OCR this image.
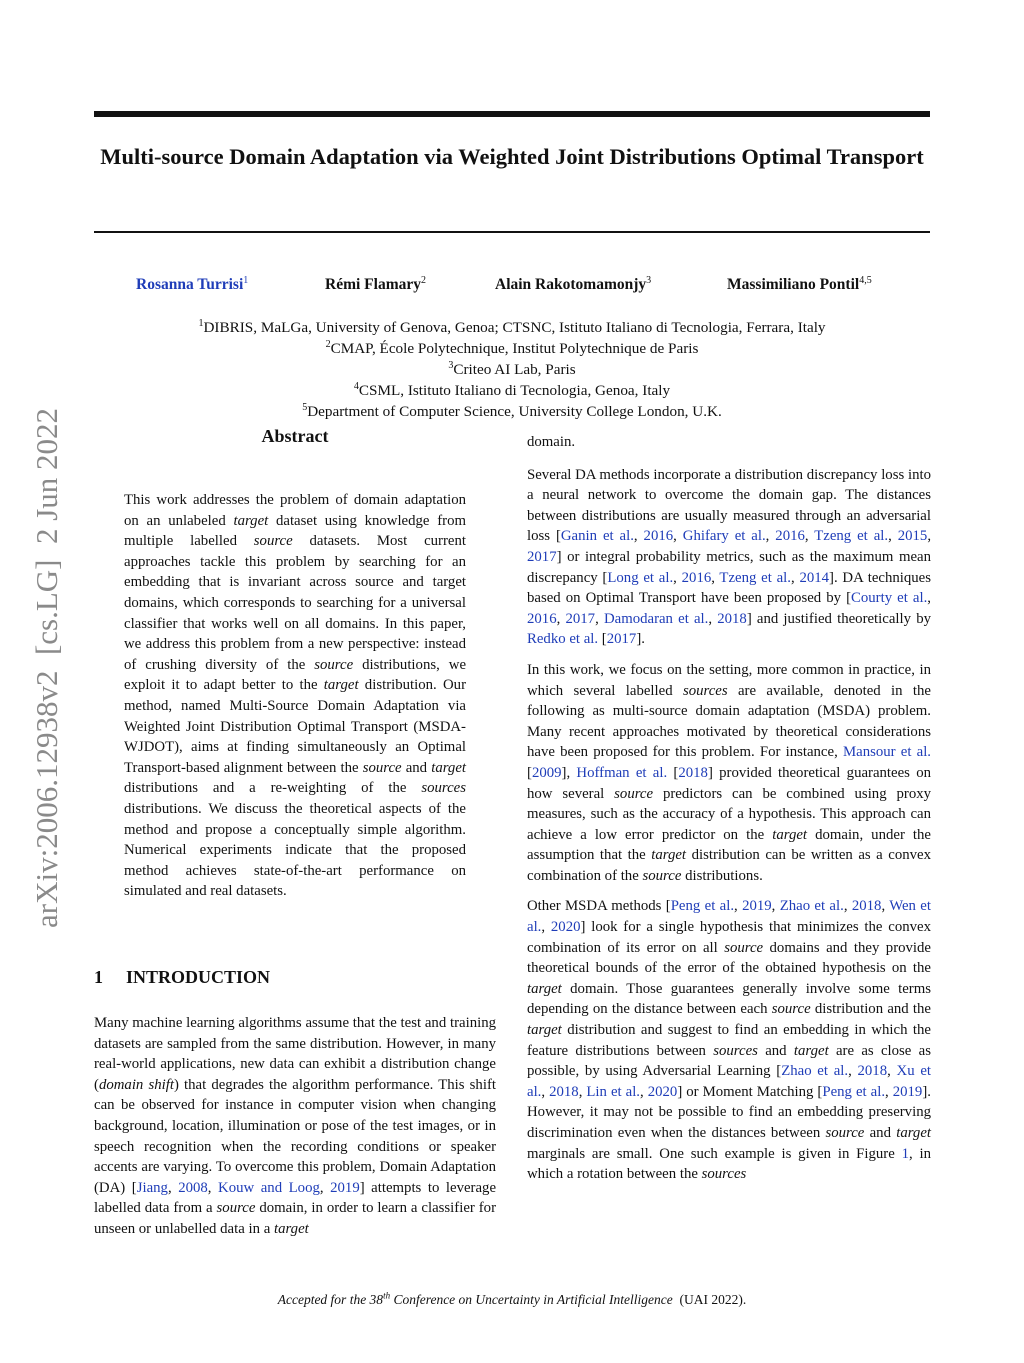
arXiv:2006.12938v2  [cs.LG]  2 Jun 2022
Multi-source Domain Adaptation via Weighted Joint Distributions Optimal Transport
Rosanna Turrisi$^1$	Rémi Flamary$^2$	Alain Rakotomamonjy$^3$	Massimiliano Pontil$^{4,5}$
$^1$DIBRIS, MaLGa, University of Genova, Genoa; CTSNC, Istituto Italiano di Tecnologia, Ferrara, Italy
$^2$CMAP, École Polytechnique, Institut Polytechnique de Paris
$^3$Criteo AI Lab, Paris
$^4$CSML, Istituto Italiano di Tecnologia, Genoa, Italy
$^5$Department of Computer Science, University College London, U.K.
Abstract

This work addresses the problem of domain adaptation on an unlabeled target dataset using knowledge from multiple labelled source datasets. Most current approaches tackle this problem by searching for an embedding that is invariant across source and target domains, which corresponds to searching for a universal classifier that works well on all domains. In this paper, we address this problem from a new perspective: instead of crushing diversity of the source distributions, we exploit it to adapt better to the target distribution. Our method, named Multi-Source Domain Adaptation via Weighted Joint Distribution Optimal Transport (MSDA-WJDOT), aims at finding simultaneously an Optimal Transport-based alignment between the source and target distributions and a re-weighting of the sources distributions. We discuss the theoretical aspects of the method and propose a conceptually simple algorithm. Numerical experiments indicate that the proposed method achieves state-of-the-art performance on simulated and real datasets.

1 INTRODUCTION

Many machine learning algorithms assume that the test and training datasets are sampled from the same distribution. However, in many real-world applications, new data can exhibit a distribution change (domain shift) that degrades the algorithm performance. This shift can be observed for instance in computer vision when changing background, location, illumination or pose of the test images, or in speech recognition when the recording conditions or speaker accents are varying. To overcome this problem, Domain Adaptation (DA) [Jiang, 2008, Kouw and Loog, 2019] attempts to leverage labelled data from a source domain, in order to learn a classifier for unseen or unlabelled data in a target

domain.

Several DA methods incorporate a distribution discrepancy loss into a neural network to overcome the domain gap. The distances between distributions are usually measured through an adversarial loss [Ganin et al., 2016, Ghifary et al., 2016, Tzeng et al., 2015, 2017] or integral probability metrics, such as the maximum mean discrepancy [Long et al., 2016, Tzeng et al., 2014]. DA techniques based on Optimal Transport have been proposed by [Courty et al., 2016, 2017, Damodaran et al., 2018] and justified theoretically by Redko et al. [2017].

In this work, we focus on the setting, more common in practice, in which several labelled sources are available, denoted in the following as multi-source domain adaptation (MSDA) problem. Many recent approaches motivated by theoretical considerations have been proposed for this problem. For instance, Mansour et al. [2009], Hoffman et al. [2018] provided theoretical guarantees on how several source predictors can be combined using proxy measures, such as the accuracy of a hypothesis. This approach can achieve a low error predictor on the target domain, under the assumption that the target distribution can be written as a convex combination of the source distributions.

Other MSDA methods [Peng et al., 2019, Zhao et al., 2018, Wen et al., 2020] look for a single hypothesis that minimizes the convex combination of its error on all source domains and they provide theoretical bounds of the error of the obtained hypothesis on the target domain. Those guarantees generally involve some terms depending on the distance between each source distribution and the target distribution and suggest to find an embedding in which the feature distributions between sources and target are as close as possible, by using Adversarial Learning [Zhao et al., 2018, Xu et al., 2018, Lin et al., 2020] or Moment Matching [Peng et al., 2019]. However, it may not be possible to find an embedding preserving discrimination even when the distances between source and target marginals are small. One such example is given in Figure 1, in which a rotation between the sources

Accepted for the 38th Conference on Uncertainty in Artificial Intelligence (UAI 2022).
